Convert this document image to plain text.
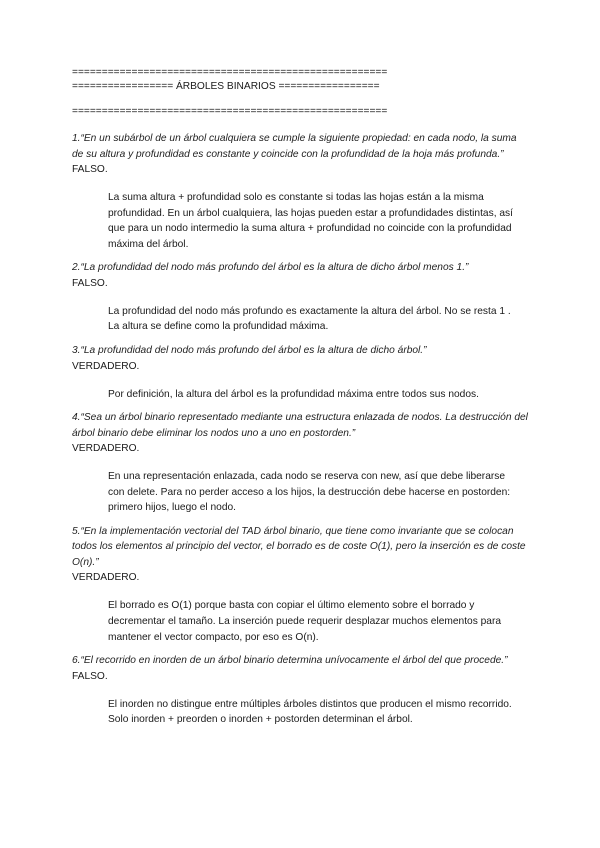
=====================================================
================= ÁRBOLES BINARIOS =================
=====================================================
1.“En un subárbol de un árbol cualquiera se cumple la siguiente propiedad: en cada nodo, la suma de su altura y profundidad es constante y coincide con la profundidad de la hoja más profunda.”
FALSO.
La suma altura + profundidad solo es constante si todas las hojas están a la misma profundidad. En un árbol cualquiera, las hojas pueden estar a profundidades distintas, así que para un nodo intermedio la suma altura + profundidad no coincide con la profundidad máxima del árbol.
2.“La profundidad del nodo más profundo del árbol es la altura de dicho árbol menos 1.”
FALSO.
La profundidad del nodo más profundo es exactamente la altura del árbol. No se resta 1 . La altura se define como la profundidad máxima.
3.“La profundidad del nodo más profundo del árbol es la altura de dicho árbol.”
VERDADERO.
Por definición, la altura del árbol es la profundidad máxima entre todos sus nodos.
4.“Sea un árbol binario representado mediante una estructura enlazada de nodos. La destrucción del árbol binario debe eliminar los nodos uno a uno en postorden.”
VERDADERO.
En una representación enlazada, cada nodo se reserva con new, así que debe liberarse con delete. Para no perder acceso a los hijos, la destrucción debe hacerse en postorden: primero hijos, luego el nodo.
5.“En la implementación vectorial del TAD árbol binario, que tiene como invariante que se colocan todos los elementos al principio del vector, el borrado es de coste O(1), pero la inserción es de coste O(n).”
VERDADERO.
El borrado es O(1) porque basta con copiar el último elemento sobre el borrado y decrementar el tamaño. La inserción puede requerir desplazar muchos elementos para mantener el vector compacto, por eso es O(n).
6.“El recorrido en inorden de un árbol binario determina unívocamente el árbol del que procede.”
FALSO.
El inorden no distingue entre múltiples árboles distintos que producen el mismo recorrido. Solo inorden + preorden o inorden + postorden determinan el árbol.
